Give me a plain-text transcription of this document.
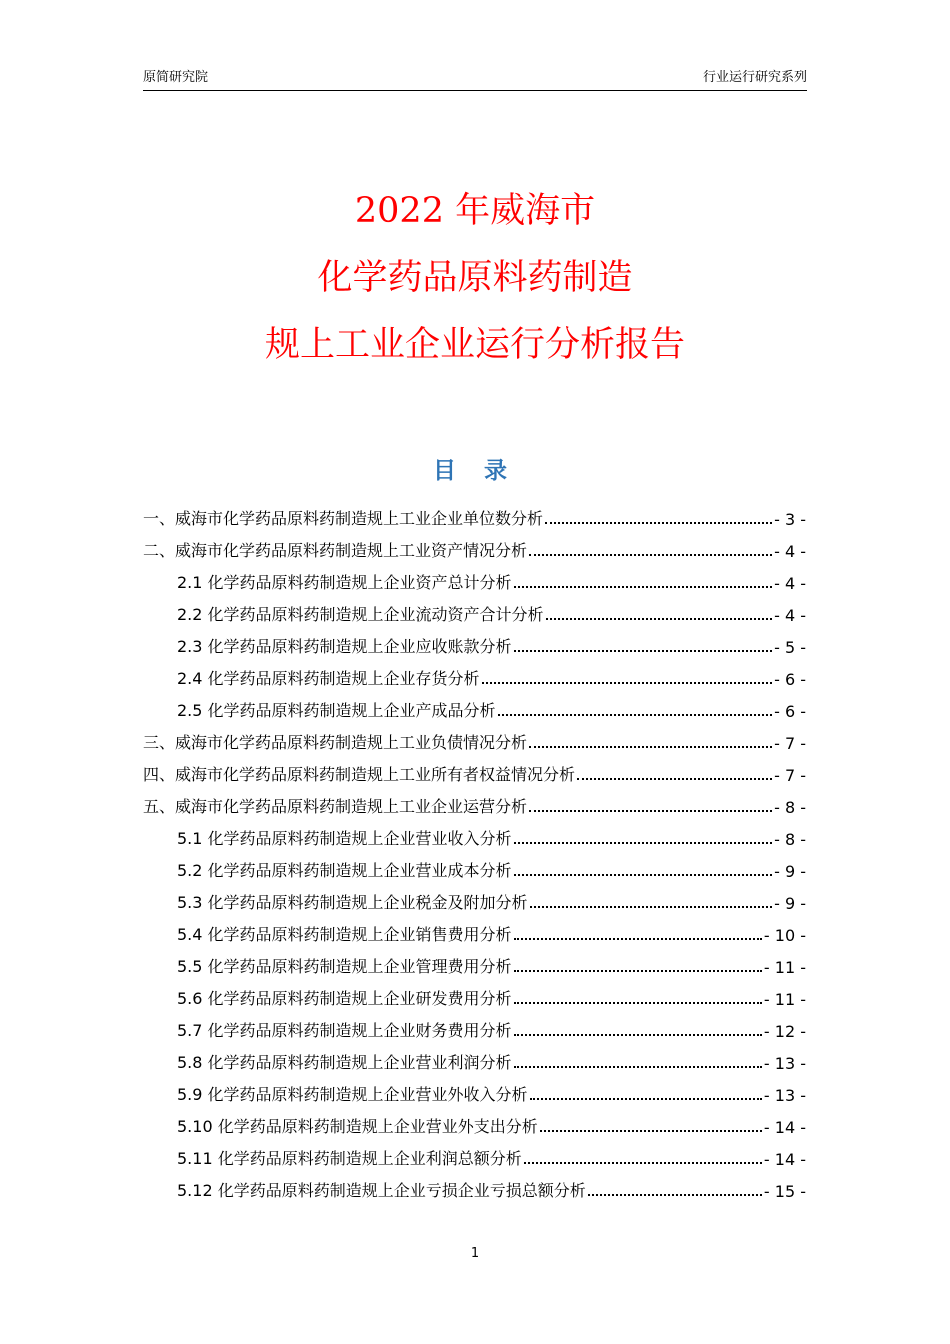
原简研究院	行业运行研究系列
2022 年威海市
化学药品原料药制造
规上工业企业运行分析报告
目 录
一、威海市化学药品原料药制造规上工业企业单位数分析	- 3 -
二、威海市化学药品原料药制造规上工业资产情况分析	- 4 -
2.1 化学药品原料药制造规上企业资产总计分析	- 4 -
2.2 化学药品原料药制造规上企业流动资产合计分析	- 4 -
2.3 化学药品原料药制造规上企业应收账款分析	- 5 -
2.4 化学药品原料药制造规上企业存货分析	- 6 -
2.5 化学药品原料药制造规上企业产成品分析	- 6 -
三、威海市化学药品原料药制造规上工业负债情况分析	- 7 -
四、威海市化学药品原料药制造规上工业所有者权益情况分析	- 7 -
五、威海市化学药品原料药制造规上工业企业运营分析	- 8 -
5.1 化学药品原料药制造规上企业营业收入分析	- 8 -
5.2 化学药品原料药制造规上企业营业成本分析	- 9 -
5.3 化学药品原料药制造规上企业税金及附加分析	- 9 -
5.4 化学药品原料药制造规上企业销售费用分析	- 10 -
5.5 化学药品原料药制造规上企业管理费用分析	- 11 -
5.6 化学药品原料药制造规上企业研发费用分析	- 11 -
5.7 化学药品原料药制造规上企业财务费用分析	- 12 -
5.8 化学药品原料药制造规上企业营业利润分析	- 13 -
5.9 化学药品原料药制造规上企业营业外收入分析	- 13 -
5.10 化学药品原料药制造规上企业营业外支出分析	- 14 -
5.11 化学药品原料药制造规上企业利润总额分析	- 14 -
5.12 化学药品原料药制造规上企业亏损企业亏损总额分析	- 15 -
1
